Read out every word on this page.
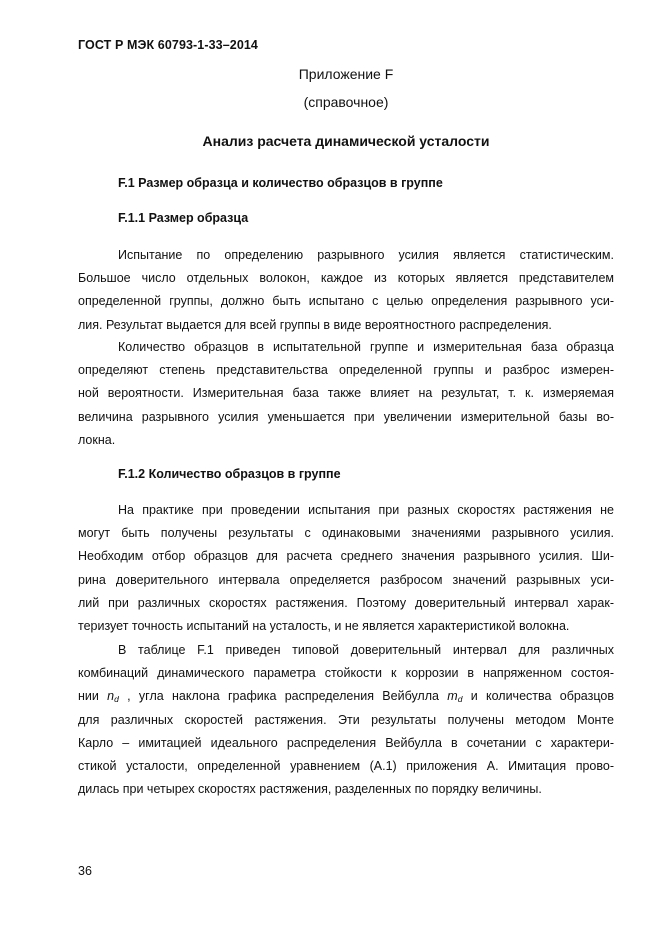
ГОСТ Р МЭК 60793-1-33–2014
Приложение F
(справочное)
Анализ расчета динамической усталости
F.1 Размер образца и количество образцов в группе
F.1.1 Размер образца
Испытание по определению разрывного усилия является статистическим.
Большое число отдельных волокон, каждое из которых является представителем
определенной группы, должно быть испытано с целью определения разрывного уси-
лия. Результат выдается для всей группы в виде вероятностного распределения.
Количество образцов в испытательной группе и измерительная база образца
определяют степень представительства определенной группы и разброс измерен-
ной вероятности. Измерительная база также влияет на результат, т. к. измеряемая
величина разрывного усилия уменьшается при увеличении измерительной базы во-
локна.
F.1.2 Количество образцов в группе
На практике при проведении испытания при разных скоростях растяжения не
могут быть получены результаты с одинаковыми значениями разрывного усилия.
Необходим отбор образцов для расчета среднего значения разрывного усилия. Ши-
рина доверительного интервала определяется разбросом значений разрывных уси-
лий при различных скоростях растяжения. Поэтому доверительный интервал харак-
теризует точность испытаний на усталость, и не является характеристикой волокна.
В таблице F.1 приведен типовой доверительный интервал для различных
комбинаций динамического параметра стойкости к коррозии в напряженном состоя-
нии $n_d$ , угла наклона графика распределения Вейбулла $m_d$ и количества образцов
для различных скоростей растяжения. Эти результаты получены методом Монте
Карло – имитацией идеального распределения Вейбулла в сочетании с характери-
стикой усталости, определенной уравнением (А.1) приложения А. Имитация прово-
дилась при четырех скоростях растяжения, разделенных по порядку величины.
36
